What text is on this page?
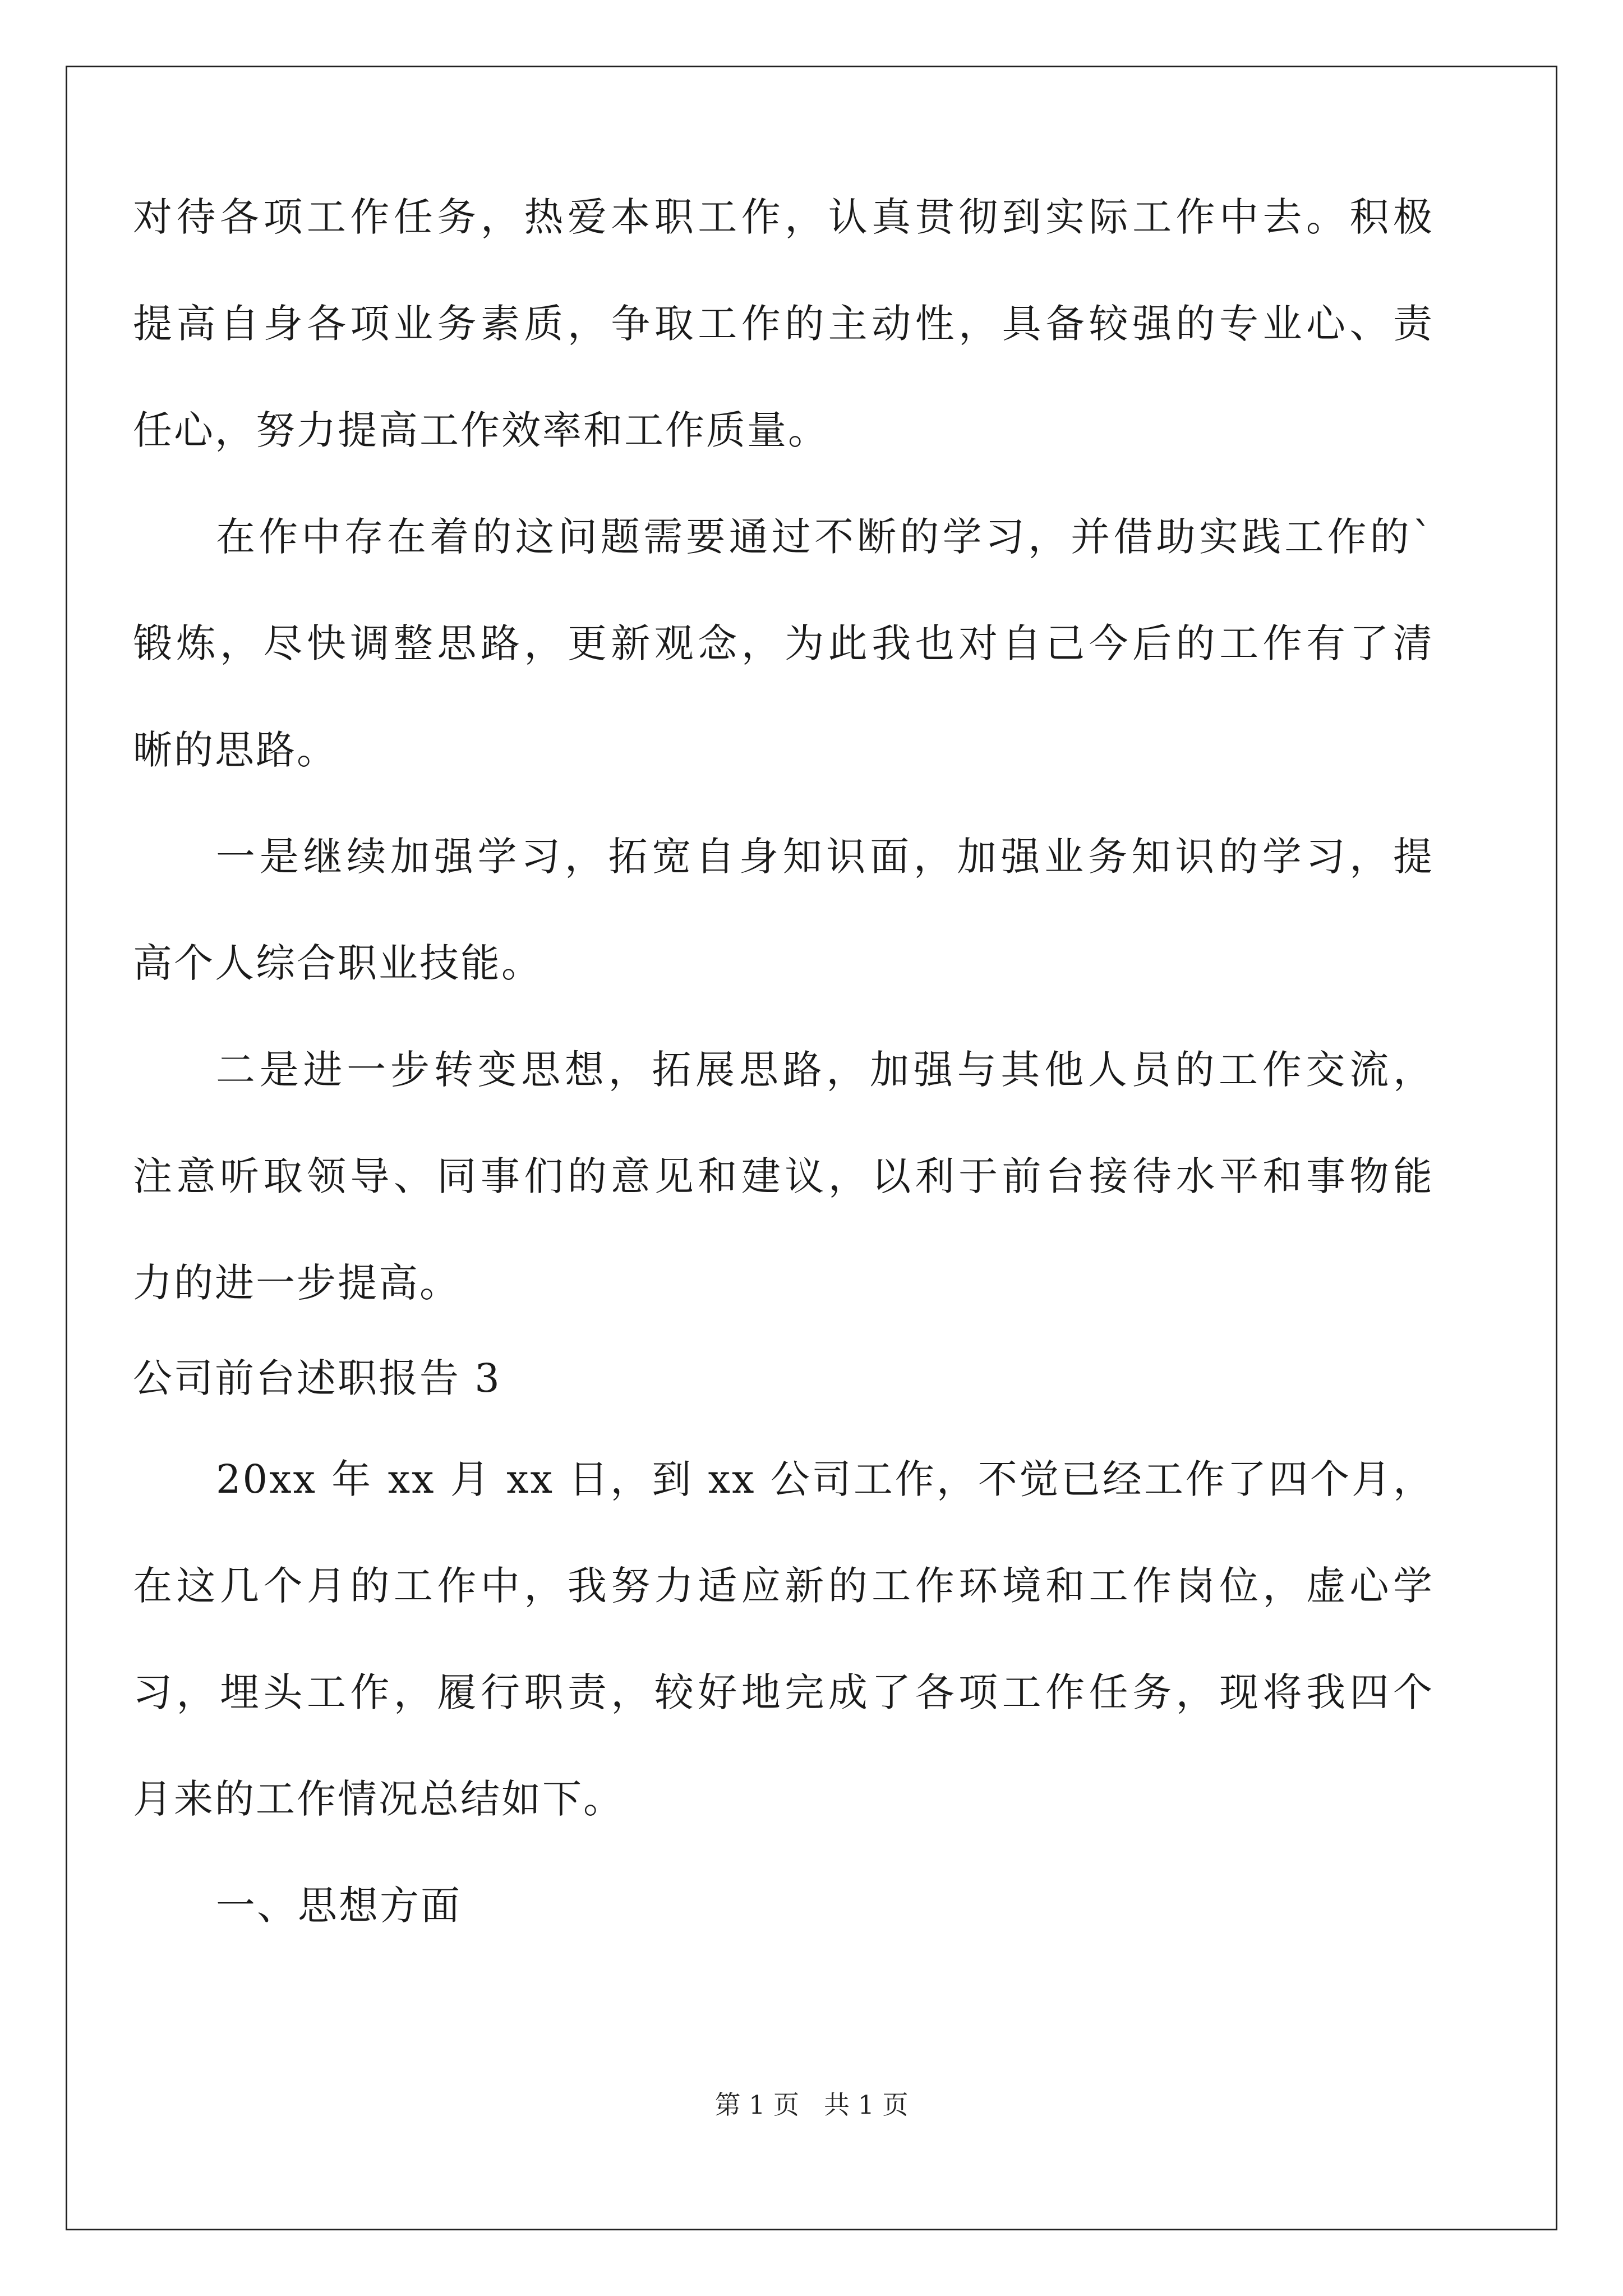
对待各项工作任务，热爱本职工作，认真贯彻到实际工作中去。积极
提高自身各项业务素质，争取工作的主动性，具备较强的专业心、责
任心，努力提高工作效率和工作质量。
在作中存在着的这问题需要通过不断的学习，并借助实践工作的`
锻炼，尽快调整思路，更新观念，为此我也对自己今后的工作有了清
晰的思路。
一是继续加强学习，拓宽自身知识面，加强业务知识的学习，提
高个人综合职业技能。
二是进一步转变思想，拓展思路，加强与其他人员的工作交流，
注意听取领导、同事们的意见和建议，以利于前台接待水平和事物能
力的进一步提高。
公司前台述职报告 3
20xx 年 xx 月 xx 日，到 xx 公司工作，不觉已经工作了四个月，
在这几个月的工作中，我努力适应新的工作环境和工作岗位，虚心学
习，埋头工作，履行职责，较好地完成了各项工作任务，现将我四个
月来的工作情况总结如下。
一、思想方面
第 1 页 共 1 页
